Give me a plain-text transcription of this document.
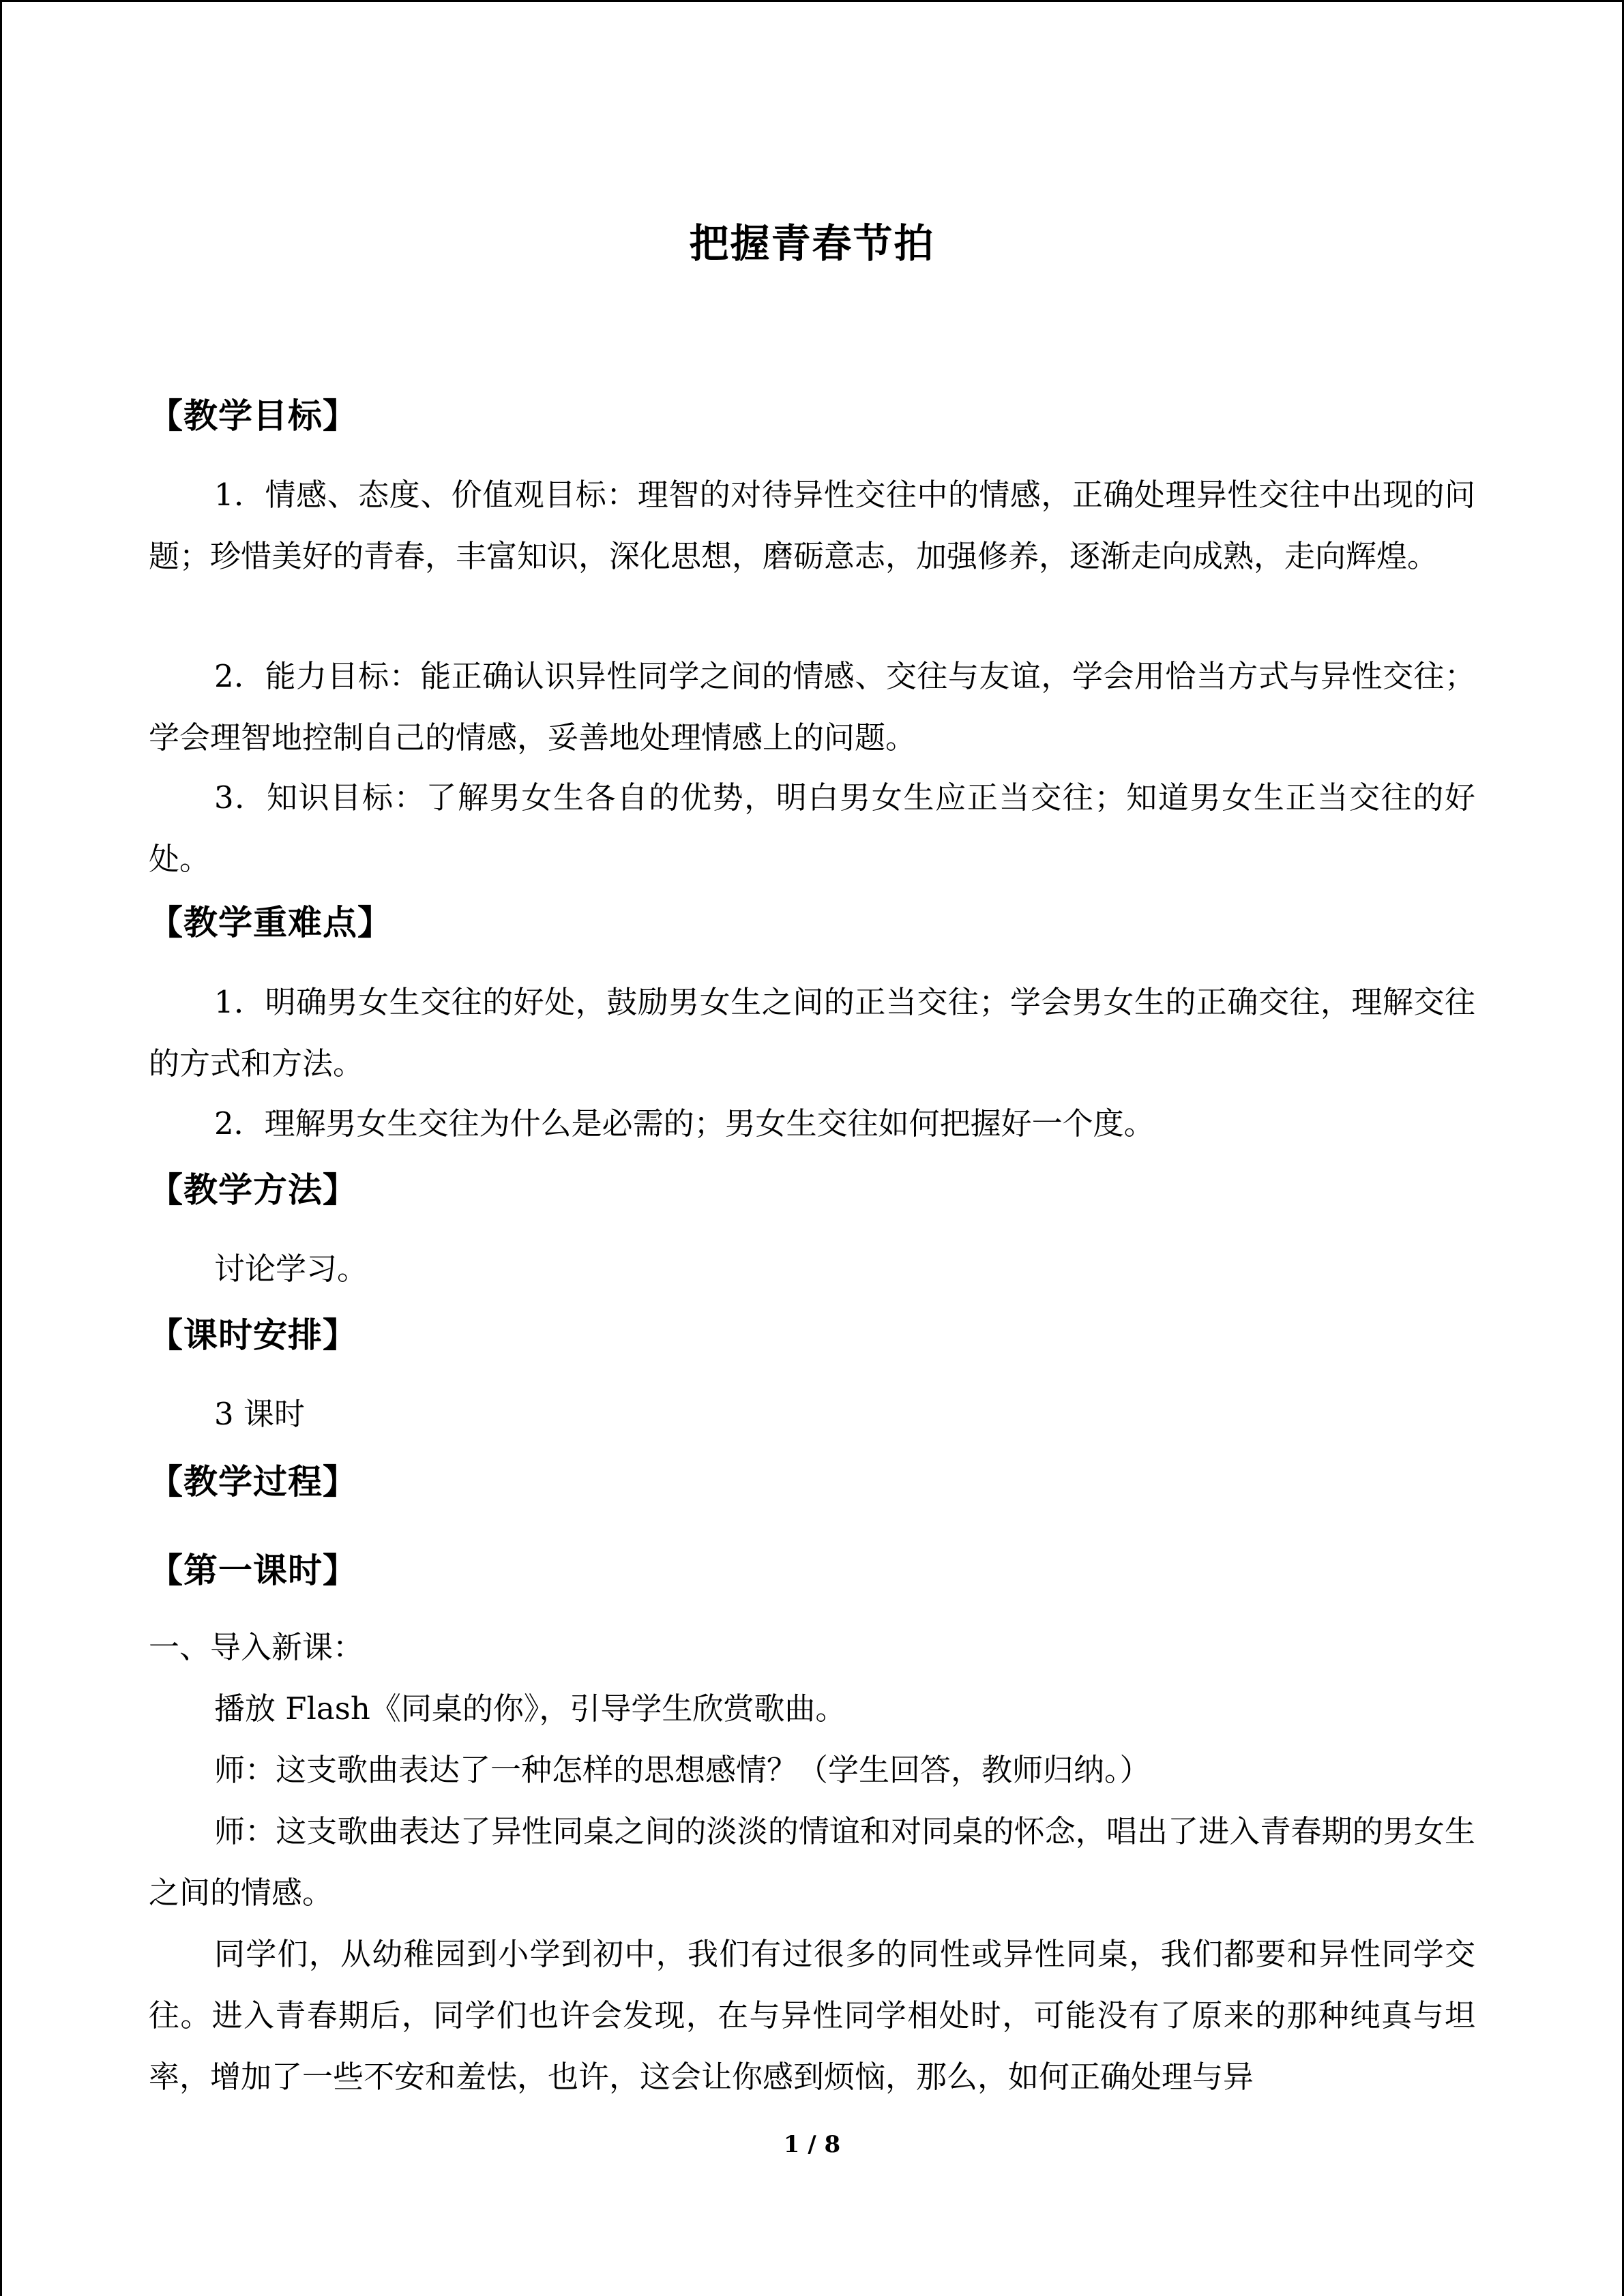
把握青春节拍
【教学目标】
1．情感、态度、价值观目标：理智的对待异性交往中的情感，正确处理异性交往中出现的问题；珍惜美好的青春，丰富知识，深化思想，磨砺意志，加强修养，逐渐走向成熟，走向辉煌。
2．能力目标：能正确认识异性同学之间的情感、交往与友谊，学会用恰当方式与异性交往；学会理智地控制自己的情感，妥善地处理情感上的问题。
3．知识目标：了解男女生各自的优势，明白男女生应正当交往；知道男女生正当交往的好处。
【教学重难点】
1．明确男女生交往的好处，鼓励男女生之间的正当交往；学会男女生的正确交往，理解交往的方式和方法。
2．理解男女生交往为什么是必需的；男女生交往如何把握好一个度。
【教学方法】
讨论学习。
【课时安排】
3 课时
【教学过程】
【第一课时】
一、导入新课：
播放 Flash《同桌的你》，引导学生欣赏歌曲。
师：这支歌曲表达了一种怎样的思想感情？（学生回答，教师归纳。）
师：这支歌曲表达了异性同桌之间的淡淡的情谊和对同桌的怀念，唱出了进入青春期的男女生之间的情感。
同学们，从幼稚园到小学到初中，我们有过很多的同性或异性同桌，我们都要和异性同学交往。进入青春期后，同学们也许会发现，在与异性同学相处时，可能没有了原来的那种纯真与坦率，增加了一些不安和羞怯，也许，这会让你感到烦恼，那么，如何正确处理与异
1 / 8
